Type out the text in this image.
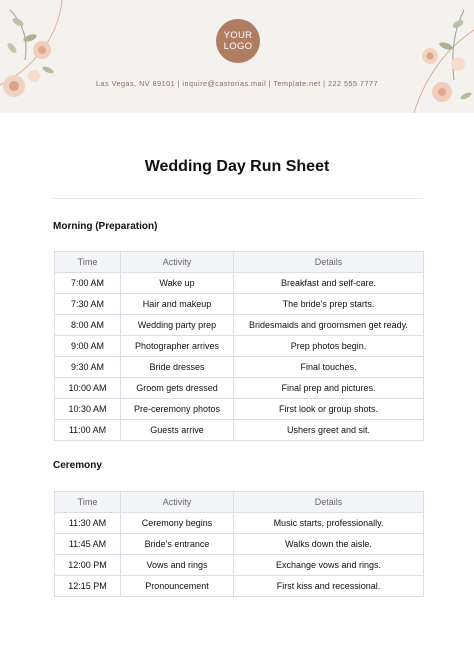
YOUR
LOGO
Las Vegas, NV 89101 | inquire@castorias.mail | Template.net | 222 555 7777
Wedding Day Run Sheet
Morning (Preparation)
Time	Activity	Details
7:00 AM	Wake up	Breakfast and self-care.
7:30 AM	Hair and makeup	The bride's prep starts.
8:00 AM	Wedding party prep	Bridesmaids and groomsmen get ready.
9:00 AM	Photographer arrives	Prep photos begin.
9:30 AM	Bride dresses	Final touches.
10:00 AM	Groom gets dressed	Final prep and pictures.
10:30 AM	Pre-ceremony photos	First look or group shots.
11:00 AM	Guests arrive	Ushers greet and sit.
Ceremony
Time	Activity	Details
11:30 AM	Ceremony begins	Music starts, professionally.
11:45 AM	Bride's entrance	Walks down the aisle.
12:00 PM	Vows and rings	Exchange vows and rings.
12:15 PM	Pronouncement	First kiss and recessional.
